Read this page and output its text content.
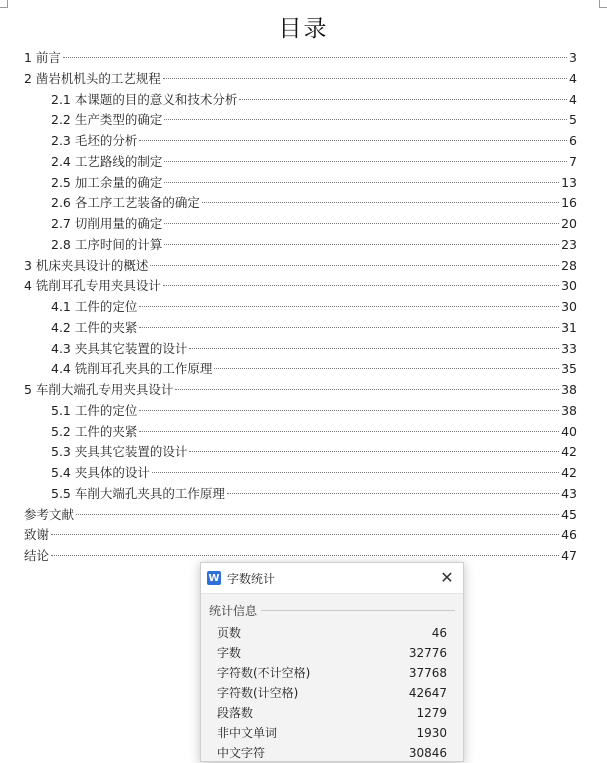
目录
1 前言	3
2 凿岩机机头的工艺规程	4
2.1 本课题的目的意义和技术分析	4
2.2 生产类型的确定	5
2.3 毛坯的分析	6
2.4 工艺路线的制定	7
2.5 加工余量的确定	13
2.6 各工序工艺装备的确定	16
2.7 切削用量的确定	20
2.8 工序时间的计算	23
3 机床夹具设计的概述	28
4 铣削耳孔专用夹具设计	30
4.1 工件的定位	30
4.2 工件的夹紧	31
4.3 夹具其它装置的设计	33
4.4 铣削耳孔夹具的工作原理	35
5 车削大端孔专用夹具设计	38
5.1 工件的定位	38
5.2 工件的夹紧	40
5.3 夹具其它装置的设计	42
5.4 夹具体的设计	42
5.5 车削大端孔夹具的工作原理	43
参考文献	45
致谢	46
结论	47
W 字数统计	✕
统计信息
页数	46
字数	32776
字符数(不计空格)	37768
字符数(计空格)	42647
段落数	1279
非中文单词	1930
中文字符	30846
